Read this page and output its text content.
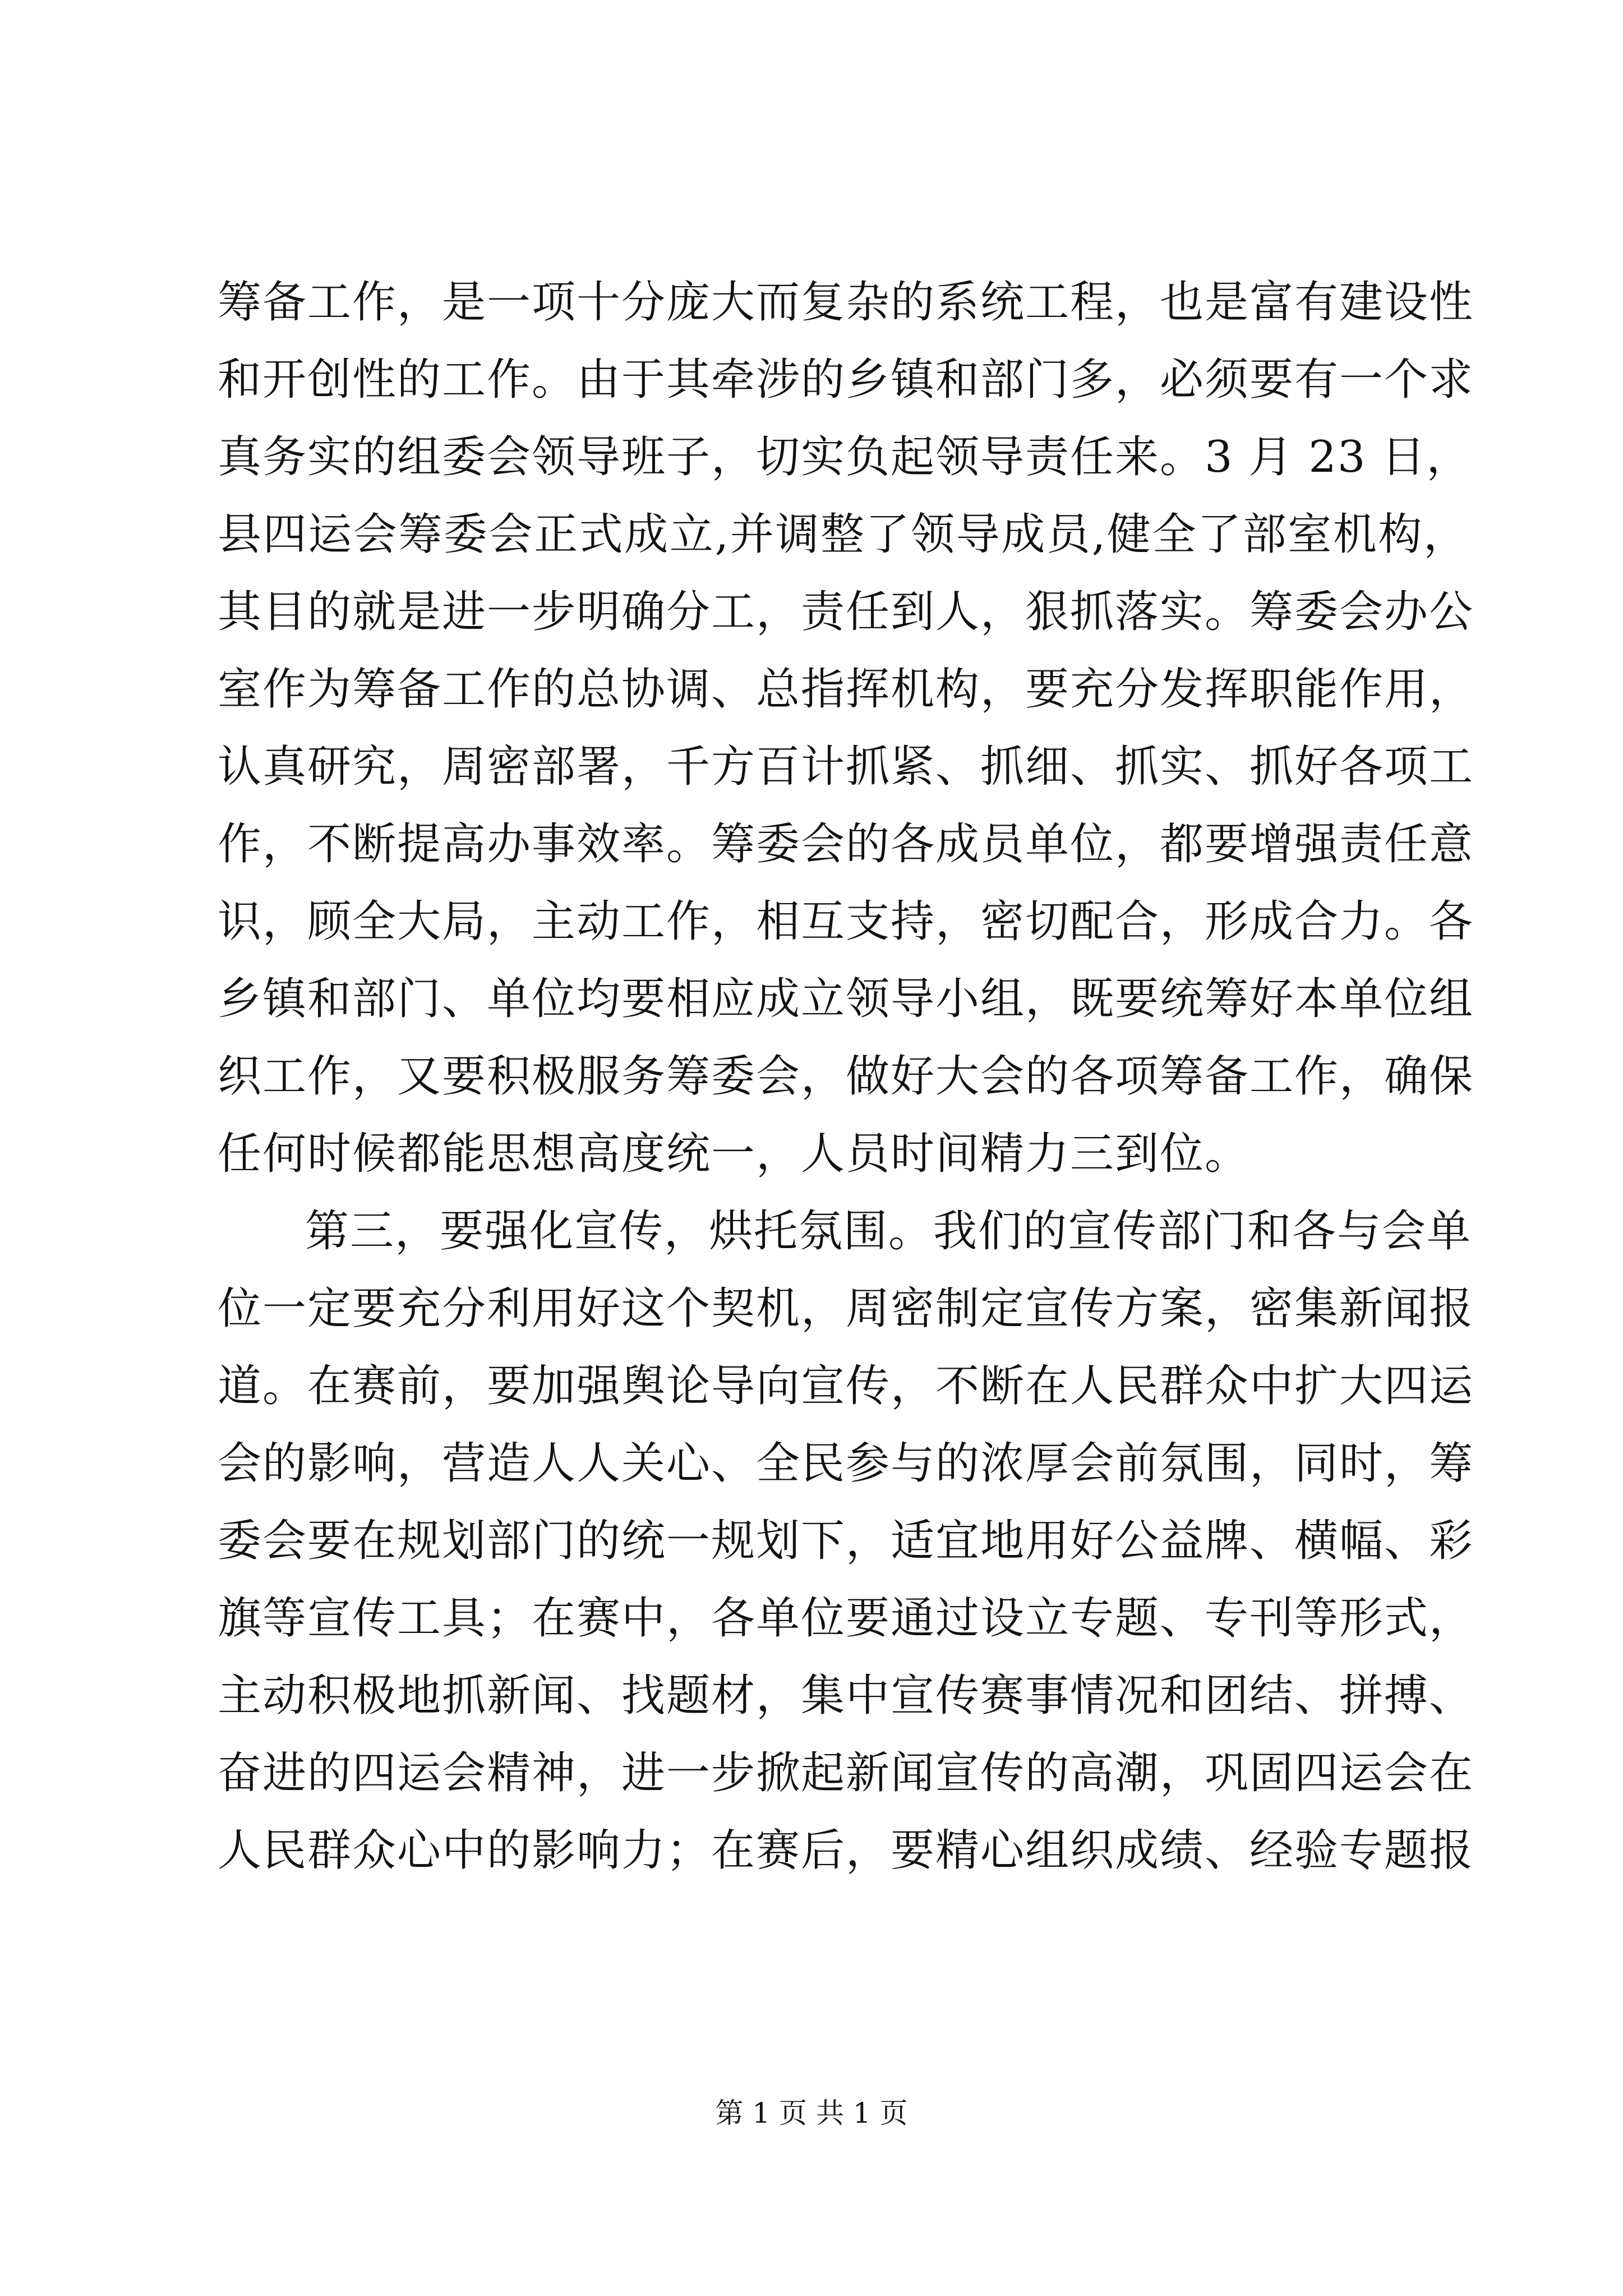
筹备工作，是一项十分庞大而复杂的系统工程，也是富有建设性
和开创性的工作。由于其牵涉的乡镇和部门多，必须要有一个求
真务实的组委会领导班子，切实负起领导责任来。3 月 23 日，
县四运会筹委会正式成立,并调整了领导成员,健全了部室机构，
其目的就是进一步明确分工，责任到人，狠抓落实。筹委会办公
室作为筹备工作的总协调、总指挥机构，要充分发挥职能作用，
认真研究，周密部署，千方百计抓紧、抓细、抓实、抓好各项工
作，不断提高办事效率。筹委会的各成员单位，都要增强责任意
识，顾全大局，主动工作，相互支持，密切配合，形成合力。各
乡镇和部门、单位均要相应成立领导小组，既要统筹好本单位组
织工作，又要积极服务筹委会，做好大会的各项筹备工作，确保
任何时候都能思想高度统一，人员时间精力三到位。
第三，要强化宣传，烘托氛围。我们的宣传部门和各与会单
位一定要充分利用好这个契机，周密制定宣传方案，密集新闻报
道。在赛前，要加强舆论导向宣传，不断在人民群众中扩大四运
会的影响，营造人人关心、全民参与的浓厚会前氛围，同时，筹
委会要在规划部门的统一规划下，适宜地用好公益牌、横幅、彩
旗等宣传工具；在赛中，各单位要通过设立专题、专刊等形式，
主动积极地抓新闻、找题材，集中宣传赛事情况和团结、拼搏、
奋进的四运会精神，进一步掀起新闻宣传的高潮，巩固四运会在
人民群众心中的影响力；在赛后，要精心组织成绩、经验专题报
第 1 页 共 1 页
